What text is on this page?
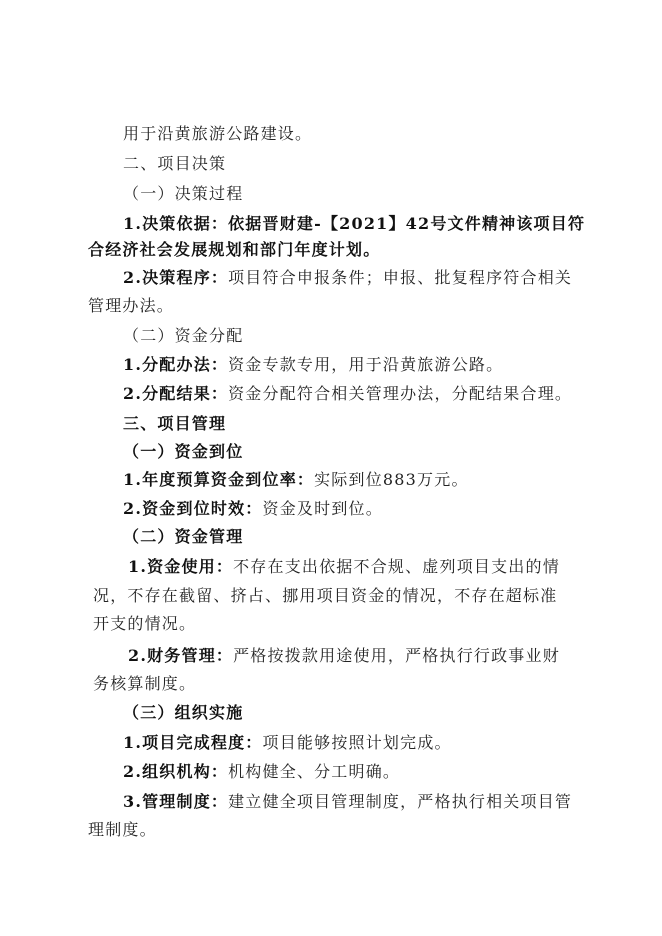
用于沿黄旅游公路建设。
二、项目决策
（一）决策过程
1.决策依据：依据晋财建-【2021】42号文件精神该项目符
合经济社会发展规划和部门年度计划。
2.决策程序：项目符合申报条件；申报、批复程序符合相关
管理办法。
（二）资金分配
1.分配办法：资金专款专用，用于沿黄旅游公路。
2.分配结果：资金分配符合相关管理办法，分配结果合理。
三、项目管理
（一）资金到位
1.年度预算资金到位率：实际到位883万元。
2.资金到位时效：资金及时到位。
（二）资金管理
1.资金使用：不存在支出依据不合规、虚列项目支出的情
况，不存在截留、挤占、挪用项目资金的情况，不存在超标准
开支的情况。
2.财务管理：严格按拨款用途使用，严格执行行政事业财
务核算制度。
（三）组织实施
1.项目完成程度：项目能够按照计划完成。
2.组织机构：机构健全、分工明确。
3.管理制度：建立健全项目管理制度，严格执行相关项目管
理制度。
